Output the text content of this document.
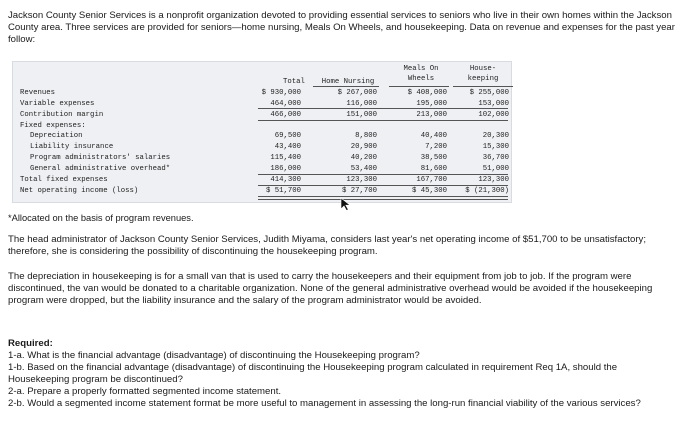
Jackson County Senior Services is a nonprofit organization devoted to providing essential services to seniors who live in their own homes within the Jackson County area. Three services are provided for seniors—home nursing, Meals On Wheels, and housekeeping. Data on revenue and expenses for the past year follow:

Total	Home Nursing
Meals On
Wheels
House-
keeping
Revenues
Variable expenses
Contribution margin
Fixed expenses:
Depreciation
Liability insurance
Program administrators' salaries
General administrative overhead*
Total fixed expenses
Net operating income (loss)
$ 930,000
464,000
466,000
69,500
43,400
115,400
186,000
414,300
$ 51,700
$ 267,000
116,000
151,000
8,800
20,900
40,200
53,400
123,300
$ 27,700
$ 408,000
195,000
213,000
40,400
7,200
38,500
81,600
167,700
$ 45,300
$ 255,000
153,000
102,000
20,300
15,300
36,700
51,000
123,300
$ (21,300)

*Allocated on the basis of program revenues.

The head administrator of Jackson County Senior Services, Judith Miyama, considers last year's net operating income of $51,700 to be unsatisfactory; therefore, she is considering the possibility of discontinuing the housekeeping program.

The depreciation in housekeeping is for a small van that is used to carry the housekeepers and their equipment from job to job. If the program were discontinued, the van would be donated to a charitable organization. None of the general administrative overhead would be avoided if the housekeeping program were dropped, but the liability insurance and the salary of the program administrator would be avoided.

Required:
1-a. What is the financial advantage (disadvantage) of discontinuing the Housekeeping program?
1-b. Based on the financial advantage (disadvantage) of discontinuing the Housekeeping program calculated in requirement Req 1A, should the Housekeeping program be discontinued?
2-a. Prepare a properly formatted segmented income statement.
2-b. Would a segmented income statement format be more useful to management in assessing the long-run financial viability of the various services?
